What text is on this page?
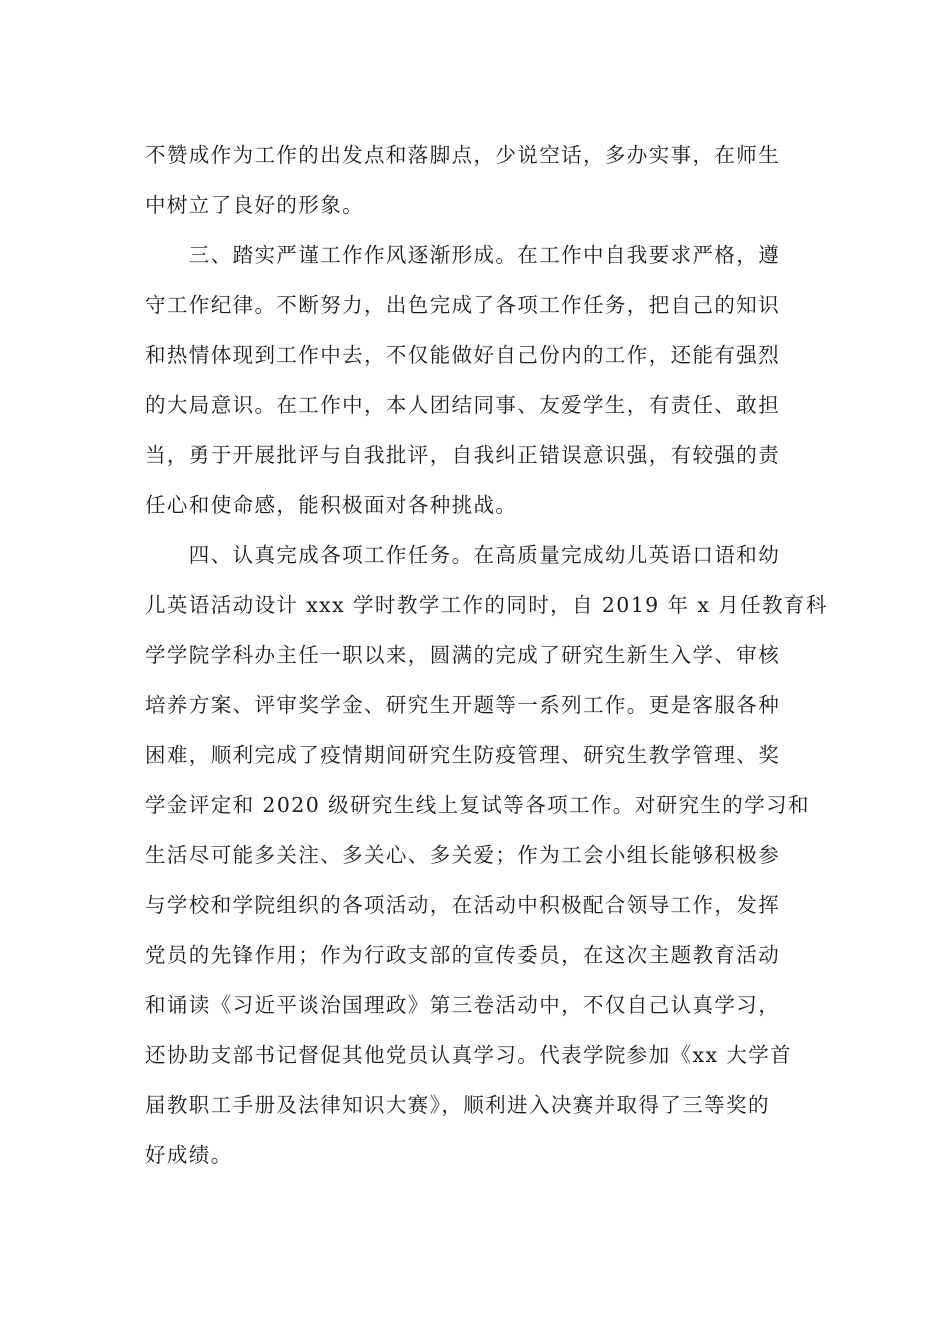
不赞成作为工作的出发点和落脚点，少说空话，多办实事，在师生
中树立了良好的形象。
　　三、踏实严谨工作作风逐渐形成。在工作中自我要求严格，遵
守工作纪律。不断努力，出色完成了各项工作任务，把自己的知识
和热情体现到工作中去，不仅能做好自己份内的工作，还能有强烈
的大局意识。在工作中，本人团结同事、友爱学生，有责任、敢担
当，勇于开展批评与自我批评，自我纠正错误意识强，有较强的责
任心和使命感，能积极面对各种挑战。
　　四、认真完成各项工作任务。在高质量完成幼儿英语口语和幼
儿英语活动设计 xxx 学时教学工作的同时，自 2019 年 x 月任教育科
学学院学科办主任一职以来，圆满的完成了研究生新生入学、审核
培养方案、评审奖学金、研究生开题等一系列工作。更是客服各种
困难，顺利完成了疫情期间研究生防疫管理、研究生教学管理、奖
学金评定和 2020 级研究生线上复试等各项工作。对研究生的学习和
生活尽可能多关注、多关心、多关爱；作为工会小组长能够积极参
与学校和学院组织的各项活动，在活动中积极配合领导工作，发挥
党员的先锋作用；作为行政支部的宣传委员，在这次主题教育活动
和诵读《习近平谈治国理政》第三卷活动中，不仅自己认真学习，
还协助支部书记督促其他党员认真学习。代表学院参加《xx 大学首
届教职工手册及法律知识大赛》，顺利进入决赛并取得了三等奖的
好成绩。
